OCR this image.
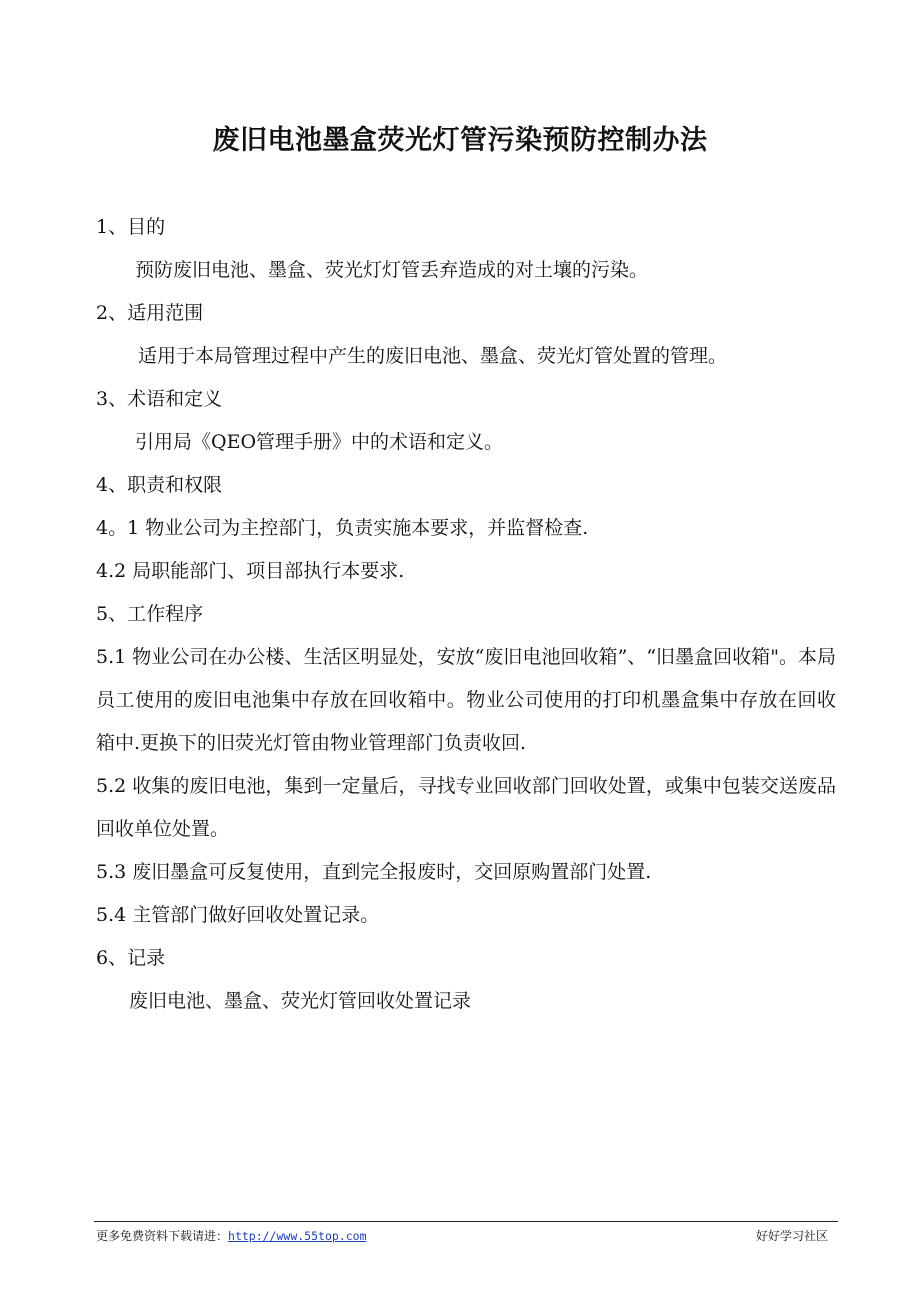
废旧电池墨盒荧光灯管污染预防控制办法

1、目的

预防废旧电池、墨盒、荧光灯灯管丢弃造成的对土壤的污染。

2、适用范围

适用于本局管理过程中产生的废旧电池、墨盒、荧光灯管处置的管理。

3、术语和定义

引用局《QEO管理手册》中的术语和定义。

4、职责和权限

4。1 物业公司为主控部门，负责实施本要求，并监督检查.

4.2 局职能部门、项目部执行本要求.

5、工作程序

5.1 物业公司在办公楼、生活区明显处，安放“废旧电池回收箱”、“旧墨盒回收箱"。本局员工使用的废旧电池集中存放在回收箱中。物业公司使用的打印机墨盒集中存放在回收箱中.更换下的旧荧光灯管由物业管理部门负责收回.

5.2 收集的废旧电池，集到一定量后，寻找专业回收部门回收处置，或集中包装交送废品回收单位处置。

5.3 废旧墨盒可反复使用，直到完全报废时，交回原购置部门处置.

5.4 主管部门做好回收处置记录。

6、记录

废旧电池、墨盒、荧光灯管回收处置记录

更多免费资料下载请进：http://www.55top.com	好好学习社区
